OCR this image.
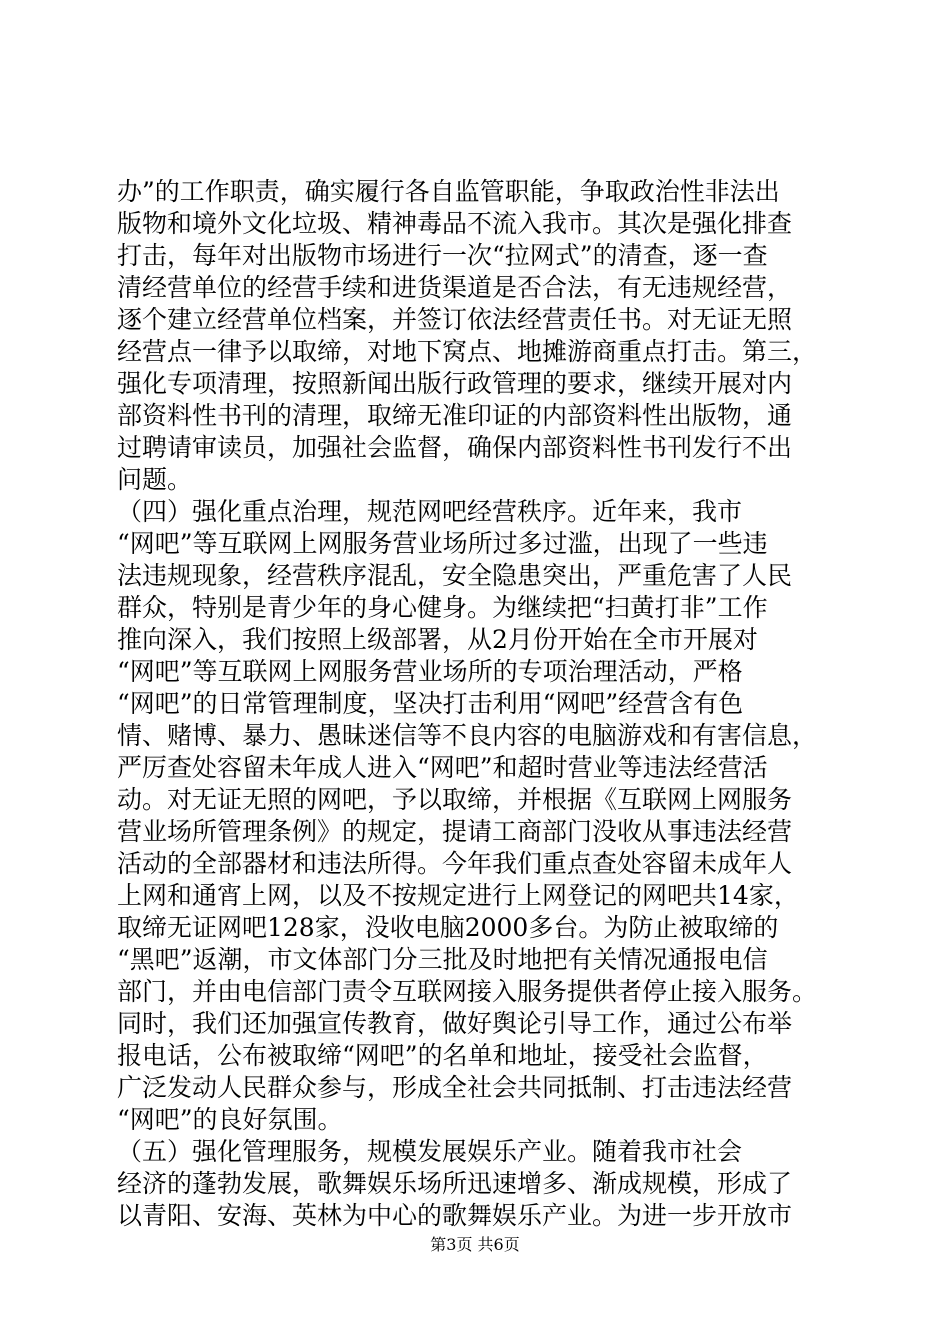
办”的工作职责，确实履行各自监管职能，争取政治性非法出
版物和境外文化垃圾、精神毒品不流入我市。其次是强化排查
打击，每年对出版物市场进行一次“拉网式”的清查，逐一查
清经营单位的经营手续和进货渠道是否合法，有无违规经营，
逐个建立经营单位档案，并签订依法经营责任书。对无证无照
经营点一律予以取缔，对地下窝点、地摊游商重点打击。第三，
强化专项清理，按照新闻出版行政管理的要求，继续开展对内
部资料性书刊的清理，取缔无准印证的内部资料性出版物，通
过聘请审读员，加强社会监督，确保内部资料性书刊发行不出
问题。
（四）强化重点治理，规范网吧经营秩序。近年来，我市
“网吧”等互联网上网服务营业场所过多过滥，出现了一些违
法违规现象，经营秩序混乱，安全隐患突出，严重危害了人民
群众，特别是青少年的身心健身。为继续把“扫黄打非”工作
推向深入，我们按照上级部署，从2月份开始在全市开展对
“网吧”等互联网上网服务营业场所的专项治理活动，严格
“网吧”的日常管理制度，坚决打击利用“网吧”经营含有色
情、赌博、暴力、愚昧迷信等不良内容的电脑游戏和有害信息，
严厉查处容留未年成人进入“网吧”和超时营业等违法经营活
动。对无证无照的网吧，予以取缔，并根据《互联网上网服务
营业场所管理条例》的规定，提请工商部门没收从事违法经营
活动的全部器材和违法所得。今年我们重点查处容留未成年人
上网和通宵上网，以及不按规定进行上网登记的网吧共14家，
取缔无证网吧128家，没收电脑2000多台。为防止被取缔的
“黑吧”返潮，市文体部门分三批及时地把有关情况通报电信
部门，并由电信部门责令互联网接入服务提供者停止接入服务。
同时，我们还加强宣传教育，做好舆论引导工作，通过公布举
报电话，公布被取缔“网吧”的名单和地址，接受社会监督，
广泛发动人民群众参与，形成全社会共同抵制、打击违法经营
“网吧”的良好氛围。
（五）强化管理服务，规模发展娱乐产业。随着我市社会
经济的蓬勃发展，歌舞娱乐场所迅速增多、渐成规模，形成了
以青阳、安海、英林为中心的歌舞娱乐产业。为进一步开放市
第3页 共6页
